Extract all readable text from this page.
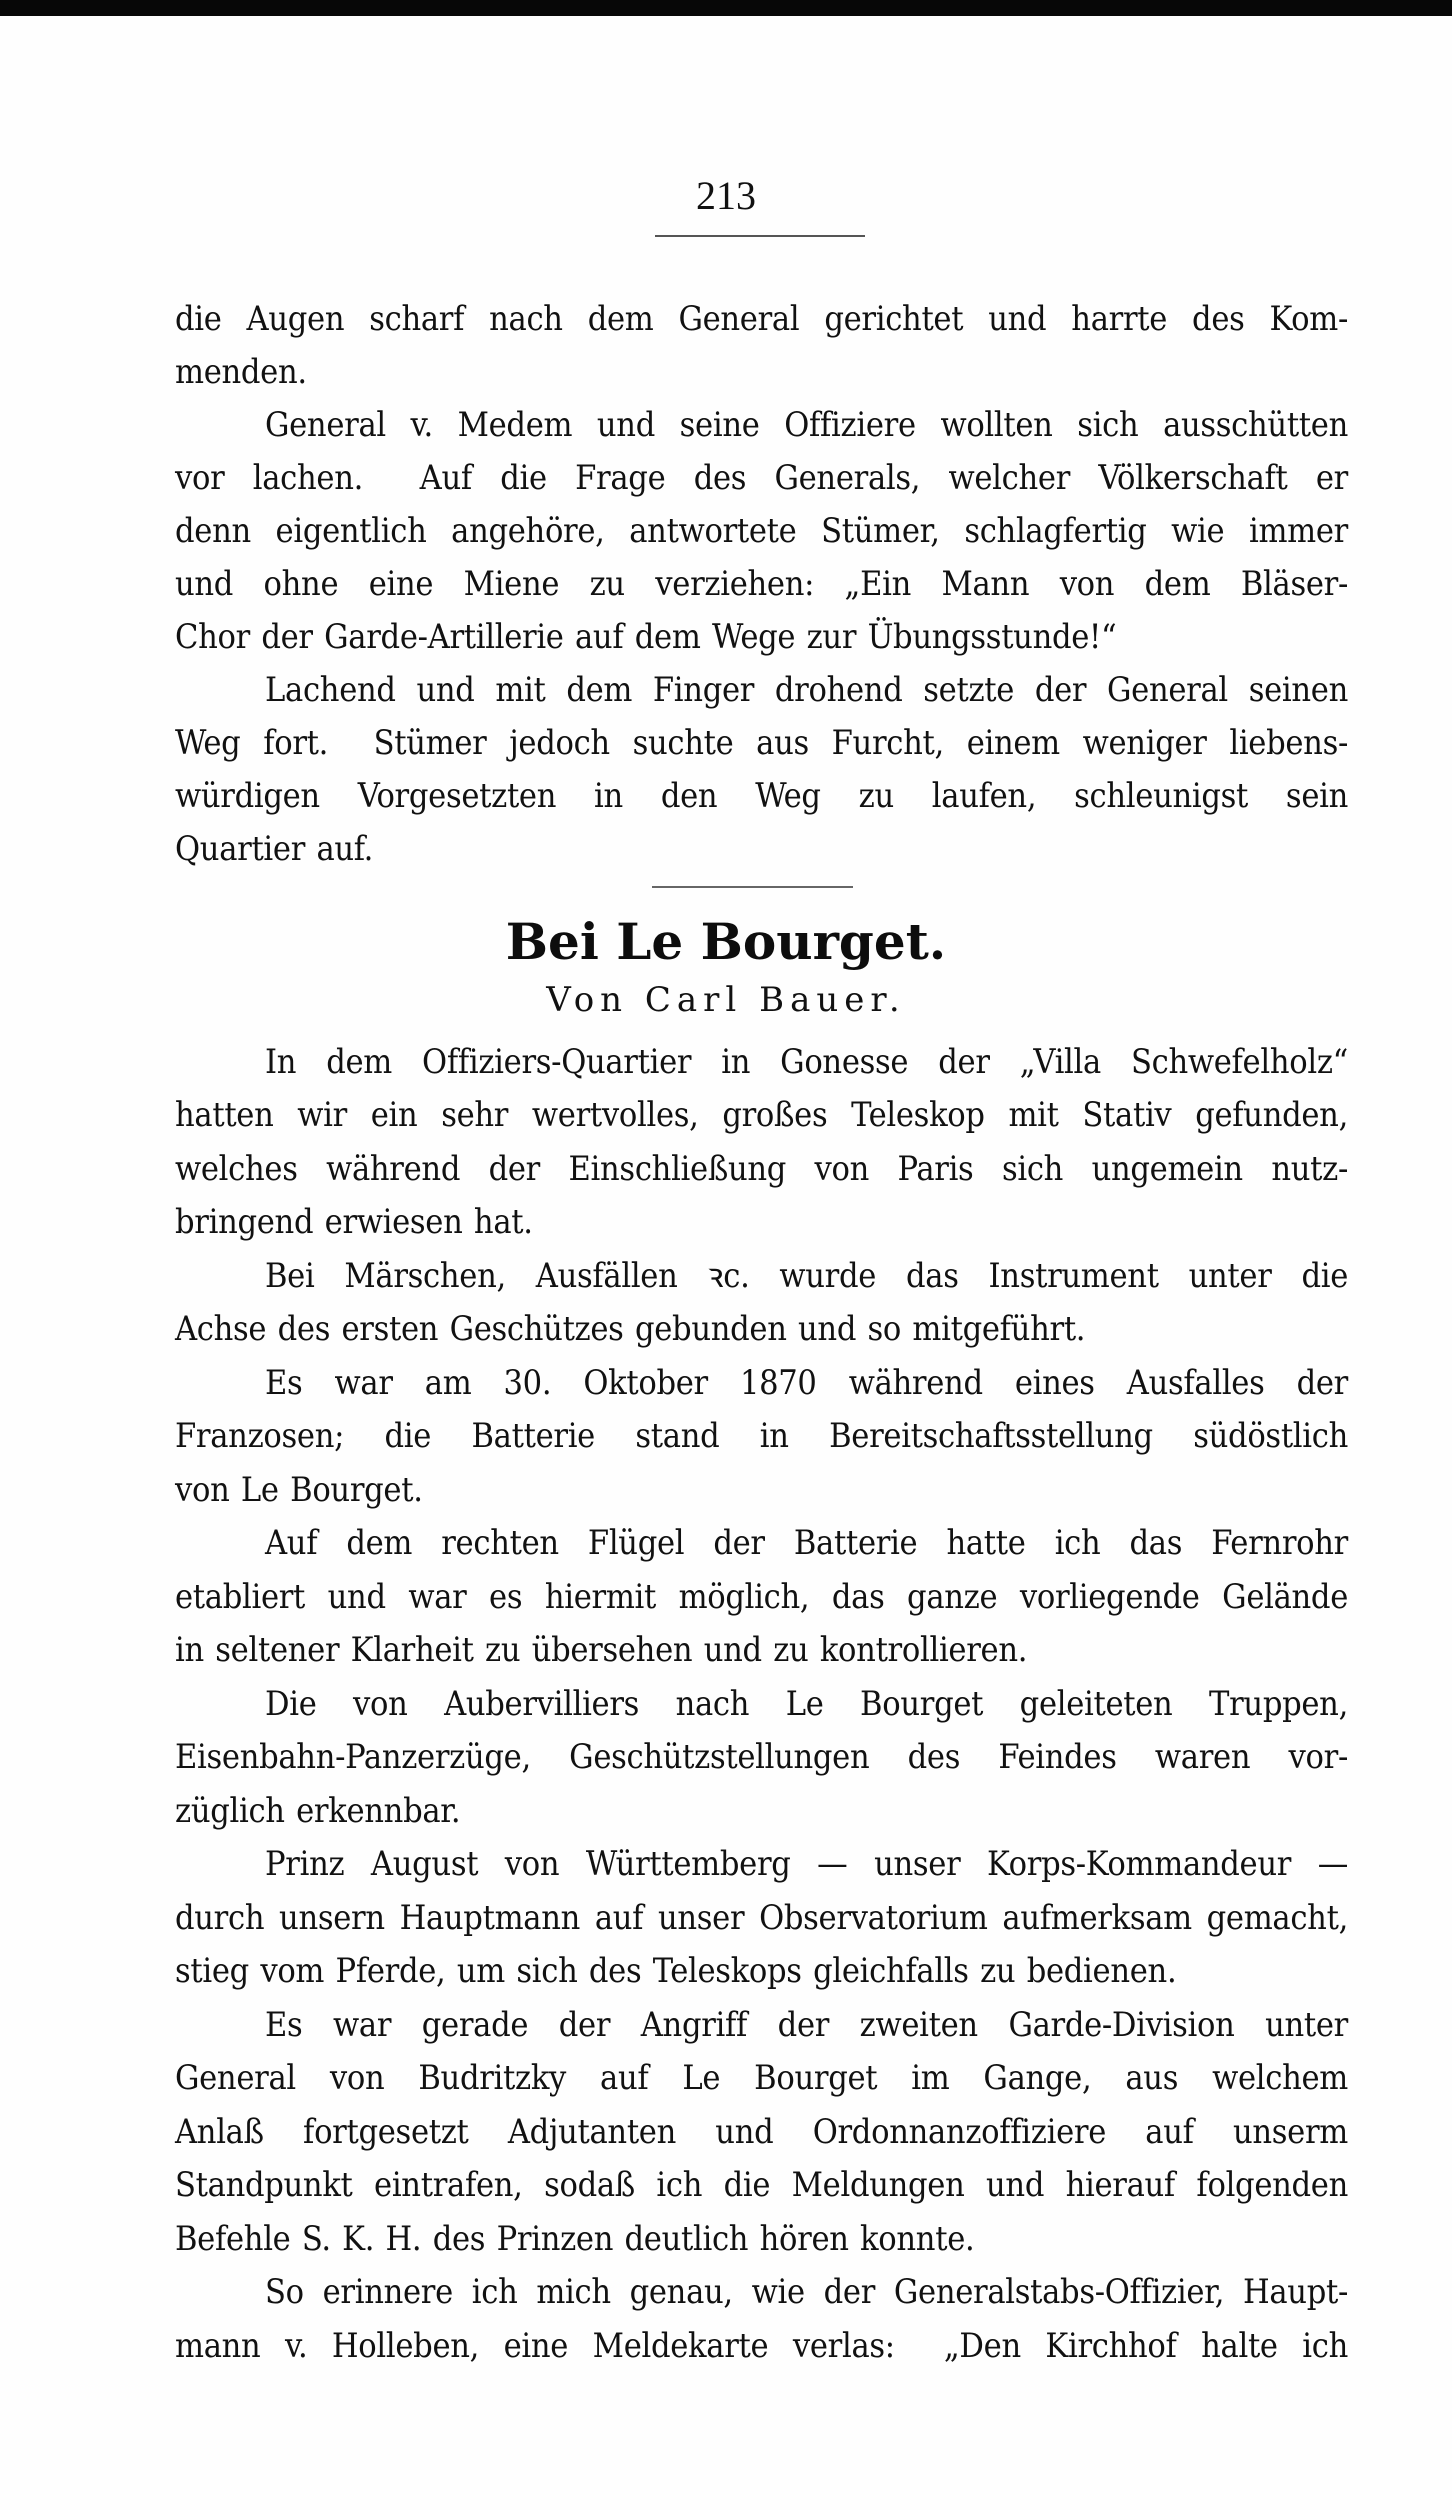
213
die Augen scharf nach dem General gerichtet und harrte des Kom-
menden.
General v. Medem und seine Offiziere wollten sich ausschütten
vor lachen.  Auf die Frage des Generals, welcher Völkerschaft er
denn eigentlich angehöre, antwortete Stümer, schlagfertig wie immer
und ohne eine Miene zu verziehen: „Ein Mann von dem Bläser-
Chor der Garde-Artillerie auf dem Wege zur Übungsstunde!“
Lachend und mit dem Finger drohend setzte der General seinen
Weg fort.  Stümer jedoch suchte aus Furcht, einem weniger liebens-
würdigen Vorgesetzten in den Weg zu laufen, schleunigst sein
Quartier auf.
Bei Le Bourget.
Von Carl Bauer.
In dem Offiziers-Quartier in Gonesse der „Villa Schwefelholz“
hatten wir ein sehr wertvolles, großes Teleskop mit Stativ gefunden,
welches während der Einschließung von Paris sich ungemein nutz-
bringend erwiesen hat.
Bei Märschen, Ausfällen ꝛc. wurde das Instrument unter die
Achse des ersten Geschützes gebunden und so mitgeführt.
Es war am 30. Oktober 1870 während eines Ausfalles der
Franzosen; die Batterie stand in Bereitschaftsstellung südöstlich
von Le Bourget.
Auf dem rechten Flügel der Batterie hatte ich das Fernrohr
etabliert und war es hiermit möglich, das ganze vorliegende Gelände
in seltener Klarheit zu übersehen und zu kontrollieren.
Die von Aubervilliers nach Le Bourget geleiteten Truppen,
Eisenbahn-Panzerzüge, Geschützstellungen des Feindes waren vor-
züglich erkennbar.
Prinz August von Württemberg — unser Korps-Kommandeur —
durch unsern Hauptmann auf unser Observatorium aufmerksam gemacht,
stieg vom Pferde, um sich des Teleskops gleichfalls zu bedienen.
Es war gerade der Angriff der zweiten Garde-Division unter
General von Budritzky auf Le Bourget im Gange, aus welchem
Anlaß fortgesetzt Adjutanten und Ordonnanzoffiziere auf unserm
Standpunkt eintrafen, sodaß ich die Meldungen und hierauf folgenden
Befehle S. K. H. des Prinzen deutlich hören konnte.
So erinnere ich mich genau, wie der Generalstabs-Offizier, Haupt-
mann v. Holleben, eine Meldekarte verlas:  „Den Kirchhof halte ich
